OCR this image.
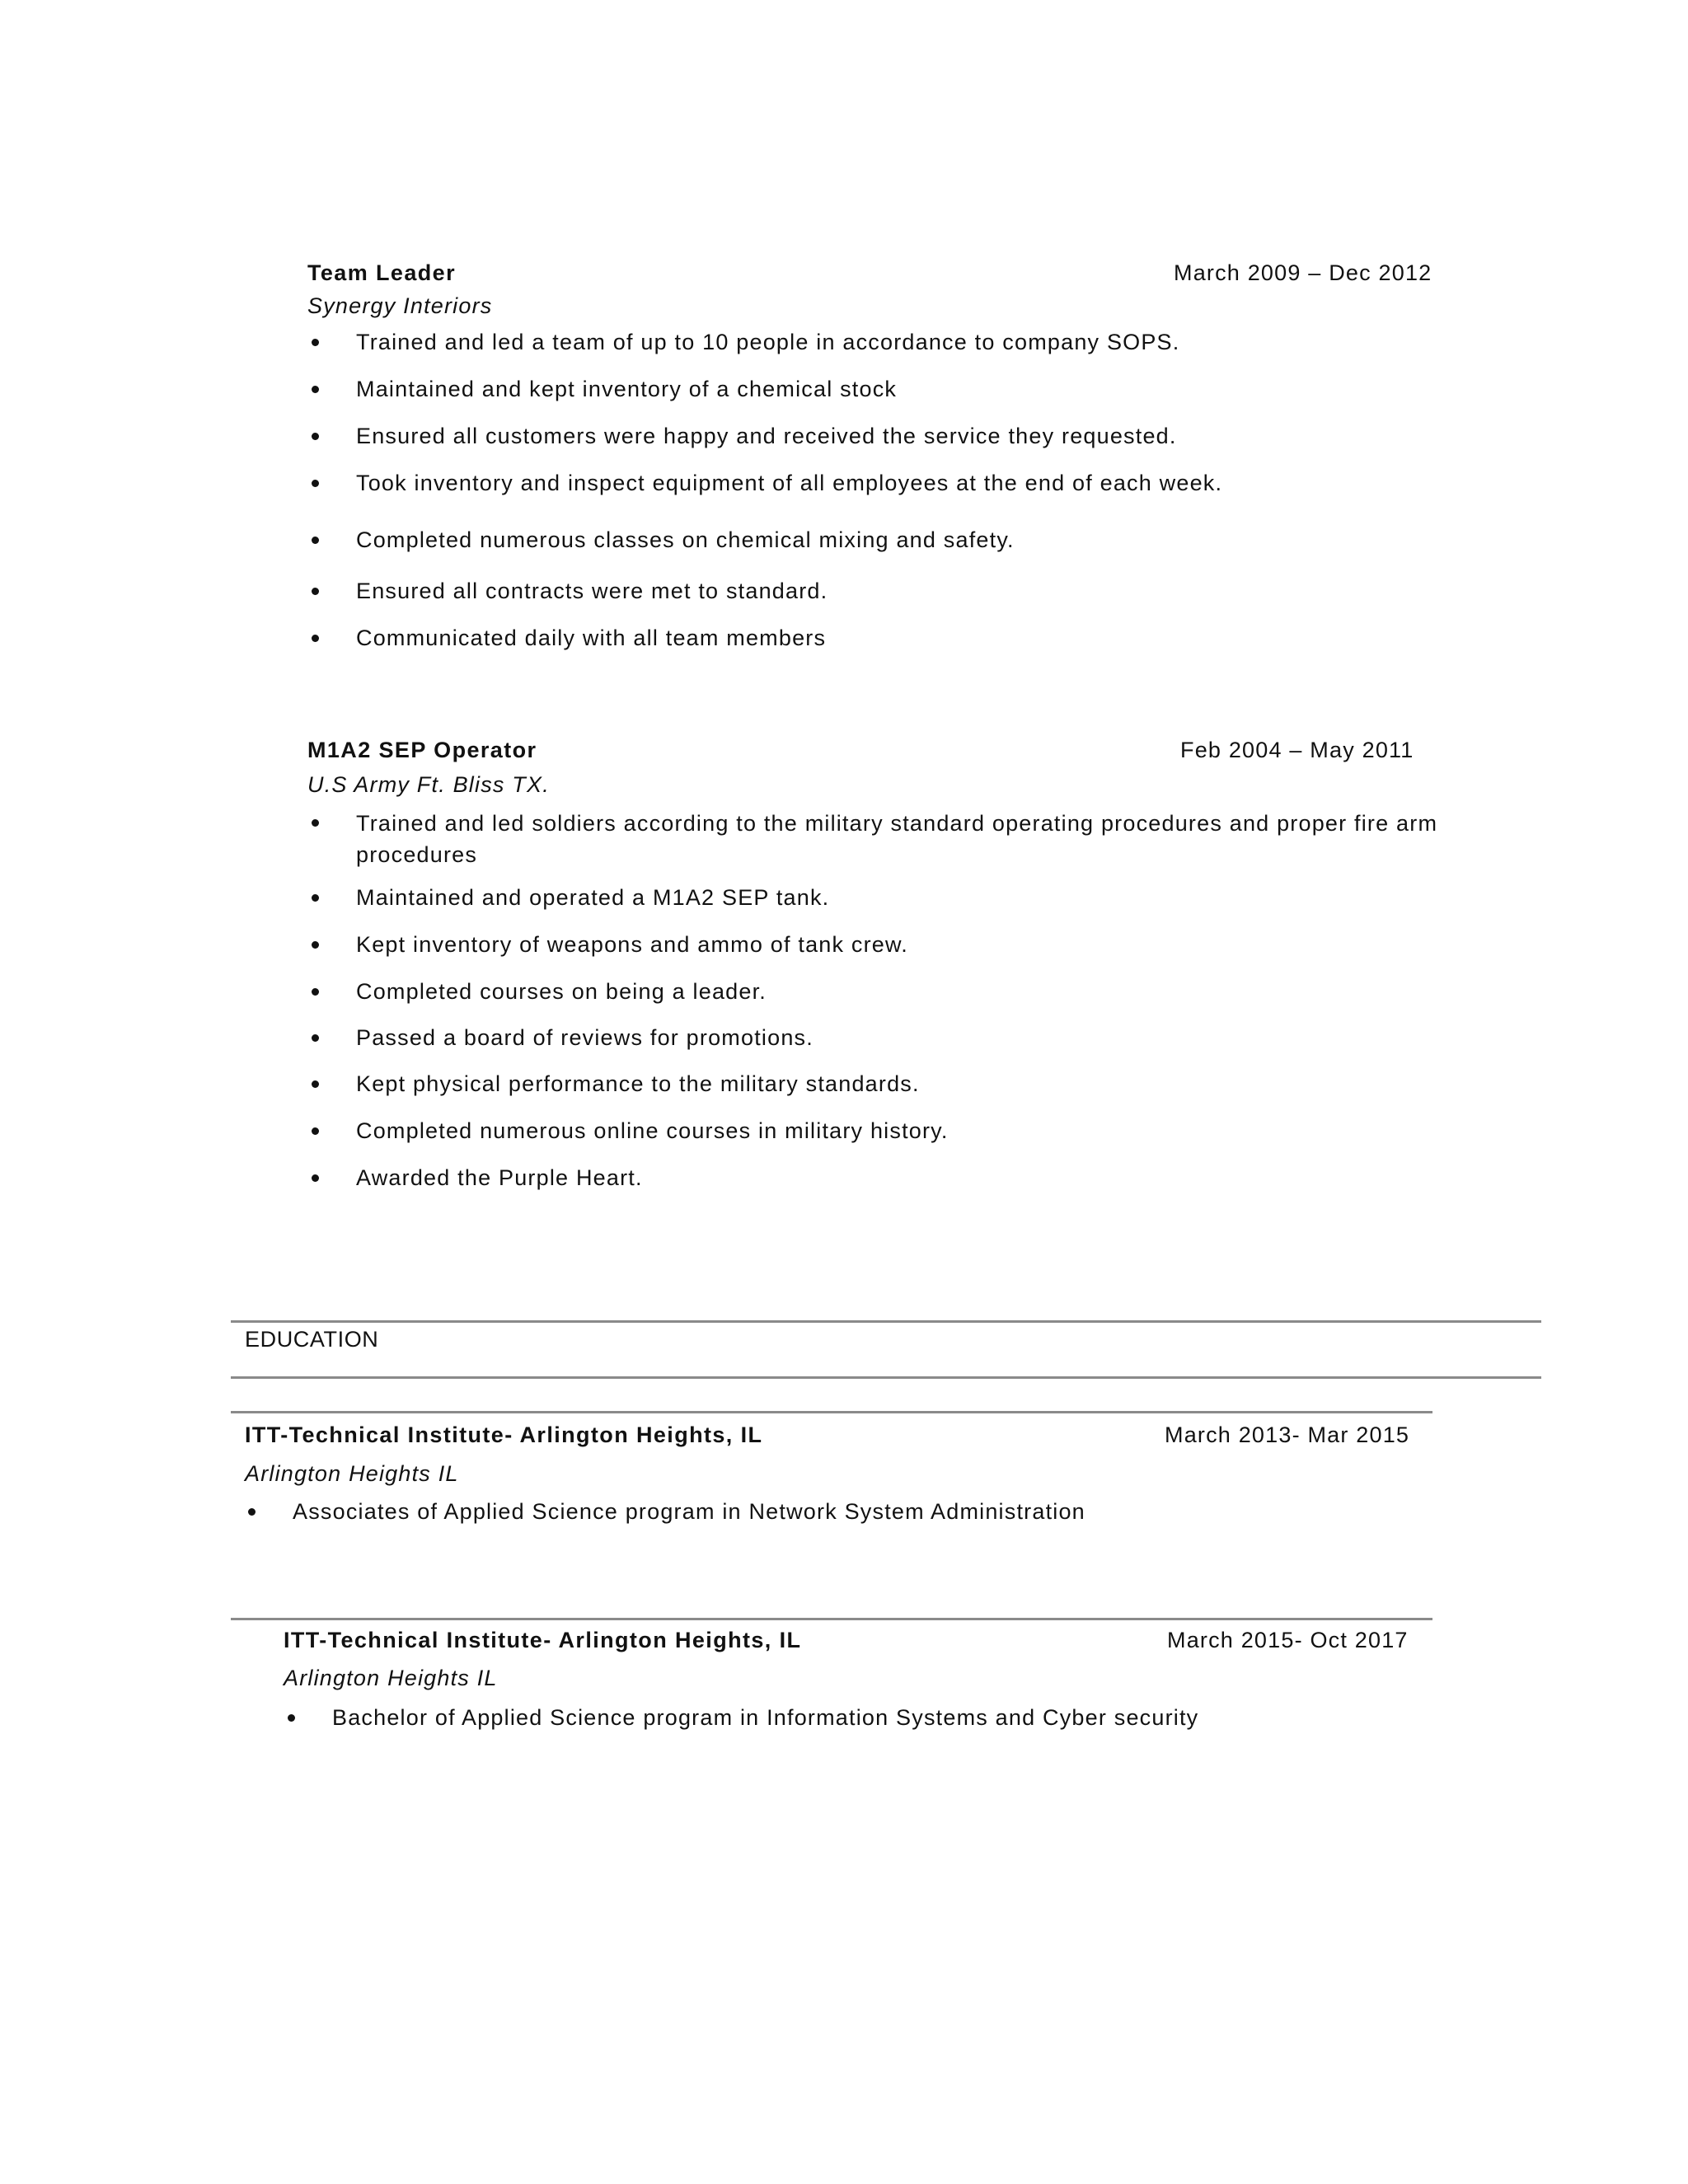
Team Leader	March 2009 – Dec 2012
Synergy Interiors
Trained and led a team of up to 10 people in accordance to company SOPS.
Maintained and kept inventory of a chemical stock
Ensured all customers were happy and received the service they requested.
Took inventory and inspect equipment of all employees at the end of each week.
Completed numerous classes on chemical mixing and safety.
Ensured all contracts were met to standard.
Communicated daily with all team members
M1A2 SEP Operator	Feb 2004 – May 2011
U.S Army Ft. Bliss TX.
Trained and led soldiers according to the military standard operating procedures and proper fire arm procedures
Maintained and operated a M1A2 SEP tank.
Kept inventory of weapons and ammo of tank crew.
Completed courses on being a leader.
Passed a board of reviews for promotions.
Kept physical performance to the military standards.
Completed numerous online courses in military history.
Awarded the Purple Heart.
EDUCATION
ITT-Technical Institute- Arlington Heights, IL	March 2013- Mar 2015
Arlington Heights IL
Associates of Applied Science program in Network System Administration
ITT-Technical Institute- Arlington Heights, IL	March 2015- Oct 2017
Arlington Heights IL
Bachelor of Applied Science program in Information Systems and Cyber security
